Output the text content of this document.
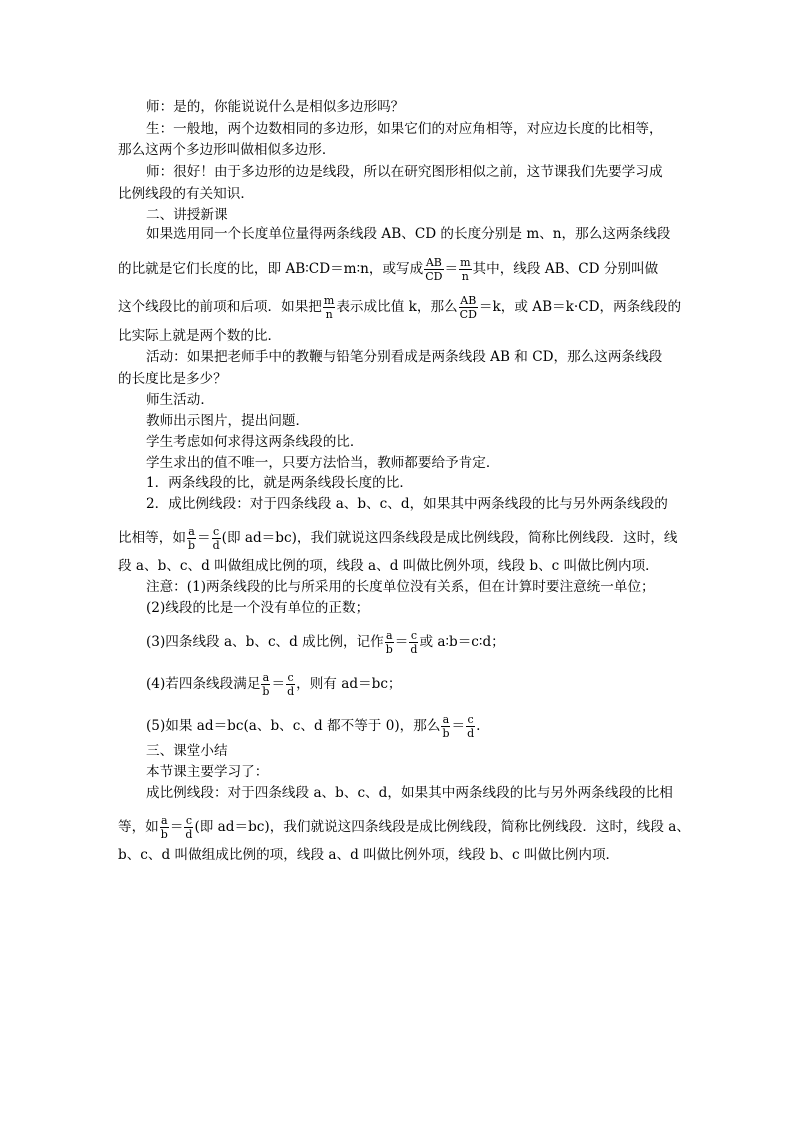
师：是的，你能说说什么是相似多边形吗？
生：一般地，两个边数相同的多边形，如果它们的对应角相等，对应边长度的比相等，
那么这两个多边形叫做相似多边形．
师：很好！由于多边形的边是线段，所以在研究图形相似之前，这节课我们先要学习成
比例线段的有关知识．
二、讲授新课
如果选用同一个长度单位量得两条线段 AB、CD 的长度分别是 m、n，那么这两条线段
的比就是它们长度的比，即 AB∶CD＝m∶n，或写成 $\frac{AB}{CD} = \frac{m}{n}$ 其中，线段 AB、CD 分别叫做
这个线段比的前项和后项．如果把 $\frac{m}{n}$ 表示成比值 k，那么 $\frac{AB}{CD} =k$，或 AB＝k·CD，两条线段的
比实际上就是两个数的比．
活动：如果把老师手中的教鞭与铅笔分别看成是两条线段 AB 和 CD，那么这两条线段
的长度比是多少？
师生活动．
教师出示图片，提出问题．
学生考虑如何求得这两条线段的比．
学生求出的值不唯一，只要方法恰当，教师都要给予肯定．
1．两条线段的比，就是两条线段长度的比．
2．成比例线段：对于四条线段 a、b、c、d，如果其中两条线段的比与另外两条线段的
比相等，如 $\frac{a}{b} = \frac{c}{d}$ (即 ad＝bc)，我们就说这四条线段是成比例线段，简称比例线段．这时，线
段 a、b、c、d 叫做组成比例的项，线段 a、d 叫做比例外项，线段 b、c 叫做比例内项．
注意：(1)两条线段的比与所采用的长度单位没有关系，但在计算时要注意统一单位；
(2)线段的比是一个没有单位的正数；
(3)四条线段 a、b、c、d 成比例，记作 $\frac{a}{b} = \frac{c}{d}$ 或 a∶b＝c∶d；
(4)若四条线段满足 $\frac{a}{b} = \frac{c}{d}$ ，则有 ad＝bc；
(5)如果 ad＝bc(a、b、c、d 都不等于 0)，那么 $\frac{a}{b} = \frac{c}{d}$ .
三、课堂小结
本节课主要学习了：
成比例线段：对于四条线段 a、b、c、d，如果其中两条线段的比与另外两条线段的比相
等，如 $\frac{a}{b} = \frac{c}{d}$ (即 ad＝bc)，我们就说这四条线段是成比例线段，简称比例线段．这时，线段 a、
b、c、d 叫做组成比例的项，线段 a、d 叫做比例外项，线段 b、c 叫做比例内项．
